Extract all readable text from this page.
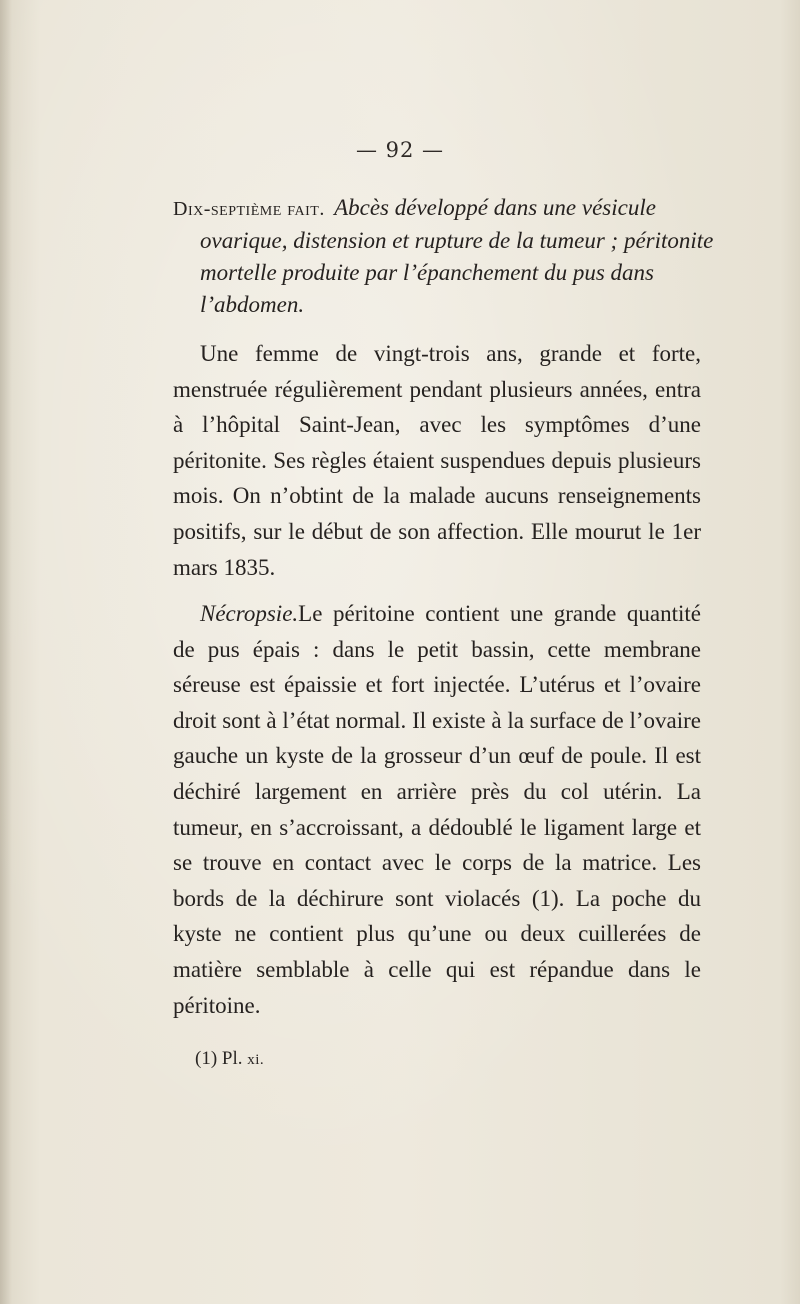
— 92 —
Dix-septième fait. Abcès développé dans une vésicule ovarique, distension et rupture de la tumeur ; péritonite mortelle produite par l’épanchement du pus dans l’abdomen.

Une femme de vingt-trois ans, grande et forte, menstruée régulièrement pendant plusieurs années, entra à l’hôpital Saint-Jean, avec les symptômes d’une péritonite. Ses règles étaient suspendues depuis plusieurs mois. On n’obtint de la malade aucuns renseignements positifs, sur le début de son affection. Elle mourut le 1er mars 1835.

Nécropsie.Le péritoine contient une grande quantité de pus épais : dans le petit bassin, cette membrane séreuse est épaissie et fort injectée. L’utérus et l’ovaire droit sont à l’état normal. Il existe à la surface de l’ovaire gauche un kyste de la grosseur d’un œuf de poule. Il est déchiré largement en arrière près du col utérin. La tumeur, en s’accroissant, a dédoublé le ligament large et se trouve en contact avec le corps de la matrice. Les bords de la déchirure sont violacés (1). La poche du kyste ne contient plus qu’une ou deux cuillerées de matière semblable à celle qui est répandue dans le péritoine.

(1) Pl. xi.
